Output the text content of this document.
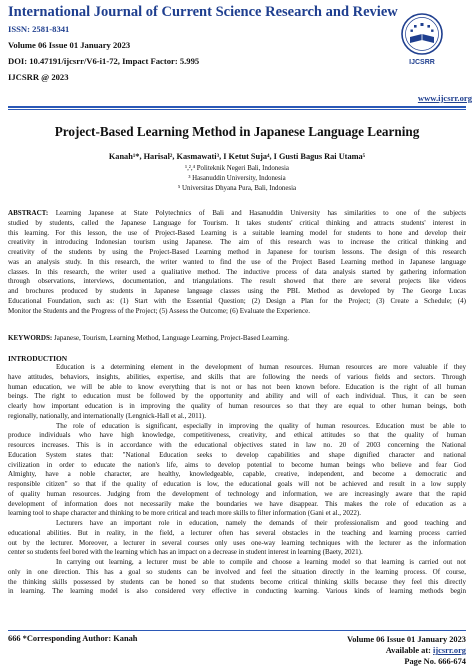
International Journal of Current Science Research and Review
ISSN: 2581-8341
Volume 06 Issue 01 January 2023
DOI: 10.47191/ijcsrr/V6-i1-72, Impact Factor: 5.995
IJCSRR @ 2023
IJCSRR
www.ijcsrr.org
Project-Based Learning Method in Japanese Language Learning
Kanah¹*, Harisal², Kasmawati³, I Ketut Suja⁴, I Gusti Bagus Rai Utama⁵
¹,²,⁴ Politeknik Negeri Bali, Indonesia
³ Hasanuddin University, Indonesia
⁵ Universitas Dhyana Pura, Bali, Indonesia
ABSTRACT: Learning Japanese at State Polytechnics of Bali and Hasanuddin University has similarities to one of the subjects
studied by students, called the Japanese Language for Tourism. It takes students' critical thinking and attracts students' interest in
this learning. For this lesson, the use of Project-Based Learning is a suitable learning model for students to hone and develop their
creativity in introducing Indonesian tourism using Japanese. The aim of this research was to increase the critical thinking and
creativity of the students by using the Project-Based Learning method in Japanese for tourism lessons. The design of this research
was an analysis study. In this research, the writer wanted to find the use of the Project Based Learning method in Japanese language
classes. In this research, the writer used a qualitative method. The inductive process of data analysis started by gathering information
through observations, interviews, documentation, and triangulations. The result showed that there are several projects like videos
and brochures produced by students in Japanese language classes using the PBL Method as developed by The George Lucas
Educational Foundation, such as: (1) Start with the Essential Question; (2) Design a Plan for the Project; (3) Create a Schedule; (4)
Monitor the Students and the Progress of the Project; (5) Assess the Outcome; (6) Evaluate the Experience.
KEYWORDS: Japanese, Tourism, Learning Method, Language Learning, Project-Based Learning.
INTRODUCTION
Education is a determining element in the development of human resources. Human resources are more valuable if they
have attitudes, behaviors, insights, abilities, expertise, and skills that are following the needs of various fields and sectors. Through
human education, we will be able to know everything that is not or has not been known before. Education is the right of all human
beings. The right to education must be followed by the opportunity and ability and will of each individual. Thus, it can be seen
clearly how important education is in improving the quality of human resources so that they are equal to other human beings, both
regionally, nationally, and internationally (Lengnick-Hall et al., 2011).
The role of education is significant, especially in improving the quality of human resources. Education must be able to
produce individuals who have high knowledge, competitiveness, creativity, and ethical attitudes so that the quality of human
resources increases. This is in accordance with the educational objectives stated in law no. 20 of 2003 concerning the National
Education System states that: "National Education seeks to develop capabilities and shape dignified character and national
civilization in order to educate the nation's life, aims to develop potential to become human beings who believe and fear God
Almighty, have a noble character, are healthy, knowledgeable, capable, creative, independent, and become a democratic and
responsible citizen" so that if the quality of education is low, the educational goals will not be achieved and result in a low supply
of quality human resources. Judging from the development of technology and information, we are increasingly aware that the rapid
development of information does not necessarily make the boundaries we have disappear. This makes the role of education as a
learning tool to shape character and thinking to be more critical and teach more skills to filter information (Gani et al., 2022).
Lecturers have an important role in education, namely the demands of their professionalism and good teaching and
educational abilities. But in reality, in the field, a lecturer often has several obstacles in the teaching and learning process carried
out by the lecturer. Moreover, a lecturer in several courses only uses one-way learning techniques with the lecturer as the information
center so students feel bored with the learning which has an impact on a decrease in student interest in learning (Baety, 2021).
In carrying out learning, a lecturer must be able to compile and choose a learning model so that learning is carried out not
only in one direction. This has a goal so students can be involved and feel the situation directly in the learning process. Of course,
the thinking skills possessed by students can be honed so that students become critical thinking skills because they feel this directly
in learning. The learning model is also considered very effective in conducting learning. Various kinds of learning methods begin
666 *Corresponding Author: Kanah	Volume 06 Issue 01 January 2023
Available at: ijcsrr.org
Page No. 666-674
